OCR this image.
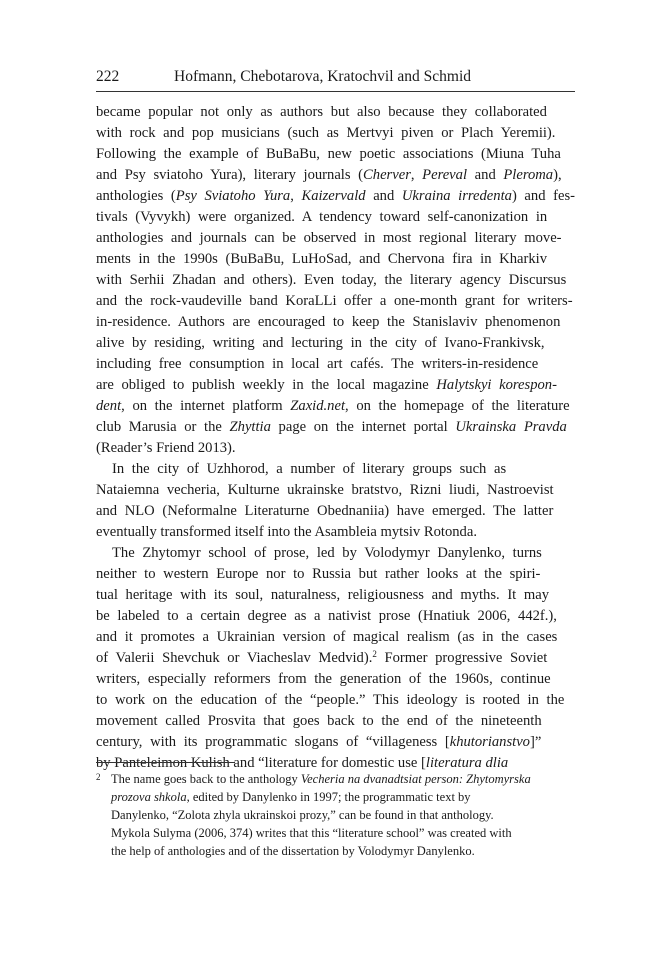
222	Hofmann, Chebotarova, Kratochvil and Schmid
became popular not only as authors but also because they collaborated
with rock and pop musicians (such as Mertvyi piven or Plach Yeremii).
Following the example of BuBaBu, new poetic associations (Miuna Tuha
and Psy sviatoho Yura), literary journals (Cherver, Pereval and Pleroma),
anthologies (Psy Sviatoho Yura, Kaizervald and Ukraina irredenta) and fes-
tivals (Vyvykh) were organized. A tendency toward self-canonization in
anthologies and journals can be observed in most regional literary move-
ments in the 1990s (BuBaBu, LuHoSad, and Chervona fira in Kharkiv
with Serhii Zhadan and others). Even today, the literary agency Discursus
and the rock-vaudeville band KoraLLi offer a one-month grant for writers-
in-residence. Authors are encouraged to keep the Stanislaviv phenomenon
alive by residing, writing and lecturing in the city of Ivano-Frankivsk,
including free consumption in local art cafés. The writers-in-residence
are obliged to publish weekly in the local magazine Halytskyi korespon-
dent, on the internet platform Zaxid.net, on the homepage of the literature
club Marusia or the Zhyttia page on the internet portal Ukrainska Pravda
(Reader’s Friend 2013).
In the city of Uzhhorod, a number of literary groups such as
Nataiemna vecheria, Kulturne ukrainske bratstvo, Rizni liudi, Nastroevist
and NLO (Neformalne Literaturne Obednaniia) have emerged. The latter
eventually transformed itself into the Asambleia mytsiv Rotonda.
The Zhytomyr school of prose, led by Volodymyr Danylenko, turns
neither to western Europe nor to Russia but rather looks at the spiri-
tual heritage with its soul, naturalness, religiousness and myths. It may
be labeled to a certain degree as a nativist prose (Hnatiuk 2006, 442f.),
and it promotes a Ukrainian version of magical realism (as in the cases
of Valerii Shevchuk or Viacheslav Medvid).$^2$ Former progressive Soviet
writers, especially reformers from the generation of the 1960s, continue
to work on the education of the “people.” This ideology is rooted in the
movement called Prosvita that goes back to the end of the nineteenth
century, with its programmatic slogans of “villageness [khutorianstvo]”
by Panteleimon Kulish and “literature for domestic use [literatura dlia
2 The name goes back to the anthology Vecheria na dvanadtsiat person: Zhytomyrska
prozova shkola, edited by Danylenko in 1997; the programmatic text by
Danylenko, “Zolota zhyla ukrainskoi prozy,” can be found in that anthology.
Mykola Sulyma (2006, 374) writes that this “literature school” was created with
the help of anthologies and of the dissertation by Volodymyr Danylenko.
